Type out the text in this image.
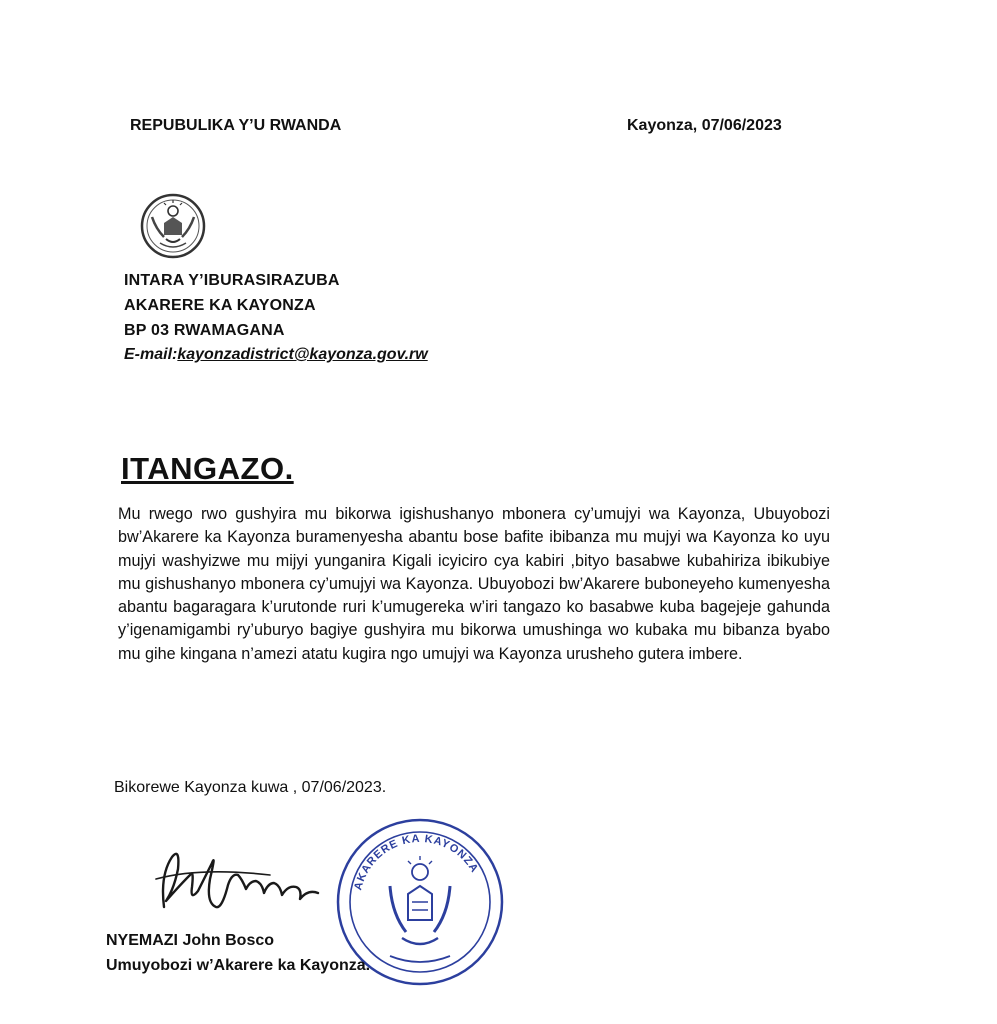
REPUBULIKA Y’U RWANDA	Kayonza, 07/06/2023
INTARA Y’IBURASIRAZUBA
AKARERE KA KAYONZA
BP 03 RWAMAGANA
E-mail:kayonzadistrict@kayonza.gov.rw
ITANGAZO.

Mu rwego rwo gushyira mu bikorwa igishushanyo mbonera cy’umujyi wa Kayonza, Ubuyobozi bw’Akarere ka Kayonza buramenyesha abantu bose bafite ibibanza mu mujyi wa Kayonza ko uyu mujyi washyizwe mu mijyi yunganira Kigali icyiciro cya kabiri ,bityo basabwe kubahiriza ibikubiye mu gishushanyo mbonera cy’umujyi wa Kayonza. Ubuyobozi bw’Akarere buboneyeho kumenyesha abantu bagaragara k’urutonde ruri k’umugereka w’iri tangazo ko basabwe kuba bagejeje gahunda y’igenamigambi ry’uburyo bagiye gushyira mu bikorwa umushinga wo kubaka mu bibanza byabo mu gihe kingana n’amezi atatu kugira ngo umujyi wa Kayonza urusheho gutera imbere.

Bikorewe Kayonza kuwa , 07/06/2023.
AKARERE KA KAYONZA
NYEMAZI John Bosco
Umuyobozi w’Akarere ka Kayonza.
